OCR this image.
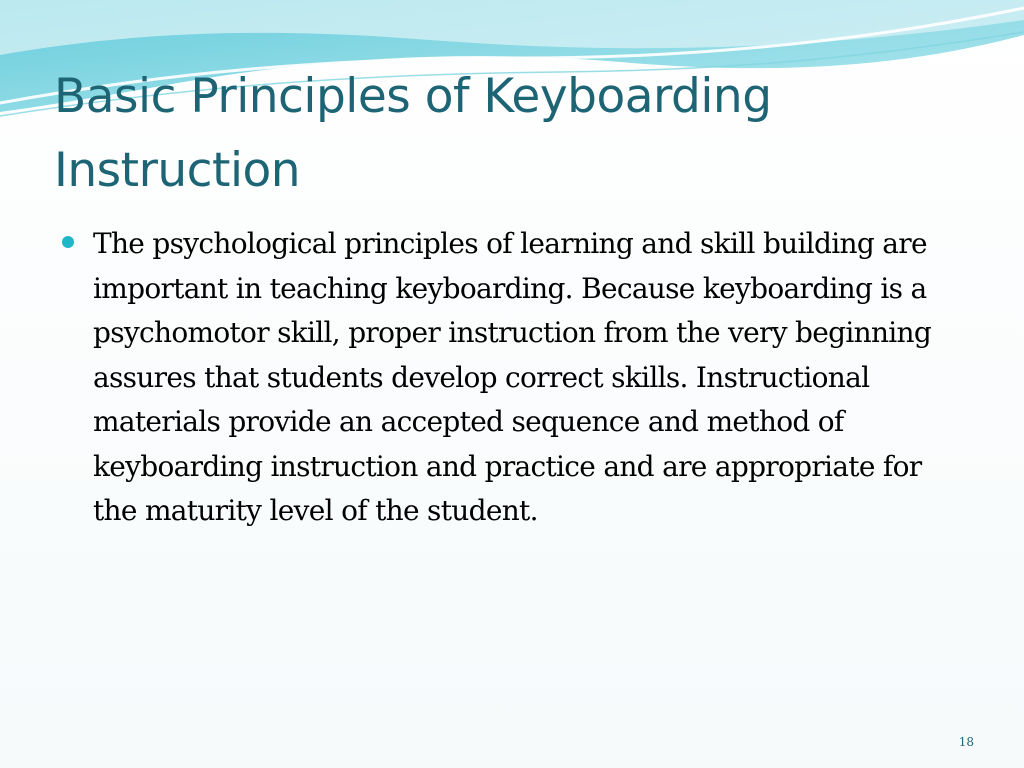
Basic Principles of Keyboarding Instruction
The psychological principles of learning and skill building are important in teaching keyboarding. Because keyboarding is a psychomotor skill, proper instruction from the very beginning assures that students develop correct skills. Instructional materials provide an accepted sequence and method of keyboarding instruction and practice and are appropriate for the maturity level of the student.
18
